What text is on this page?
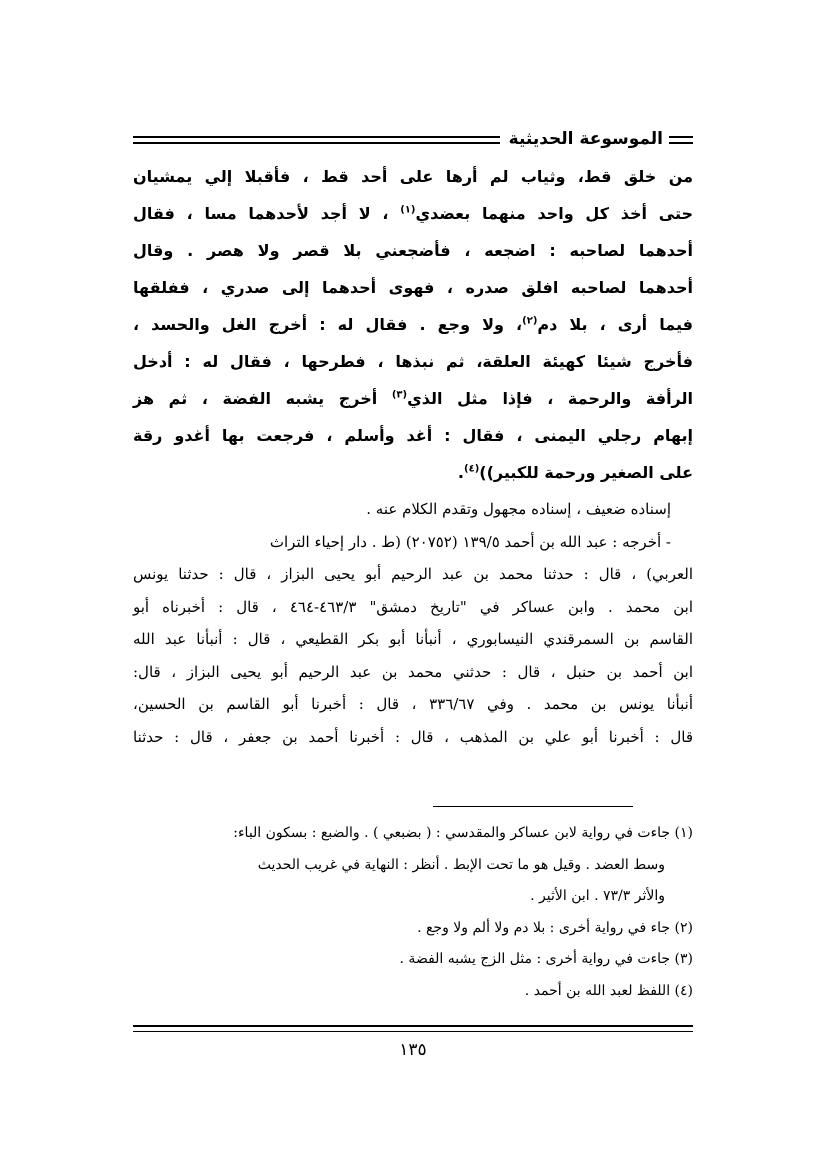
الموسوعة الحديثية
من خلق قط، وثياب لم أرها على أحد قط ، فأقبلا إلي يمشيان
حتى أخذ كل واحد منهما بعضدي$^{(١)}$ ، لا أجد لأحدهما مسا ، فقال
أحدهما لصاحبه : اضجعه ، فأضجعني بلا قصر ولا هصر . وقال
أحدهما لصاحبه افلق صدره ، فهوى أحدهما إلى صدري ، ففلقها
فيما أرى ، بلا دم$^{(٢)}$، ولا وجع . فقال له : أخرج الغل والحسد ،
فأخرج شيئا كهيئة العلقة، ثم نبذها ، فطرحها ، فقال له : أدخل
الرأفة والرحمة ، فإذا مثل الذي$^{(٣)}$ أخرج يشبه الفضة ، ثم هز
إبهام رجلي اليمنى ، فقال : أغد وأسلم ، فرجعت بها أغدو رقة
على الصغير ورحمة للكبير))$^{(٤)}$.
إسناده ضعيف ، إسناده مجهول وتقدم الكلام عنه .
- أخرجه : عبد الله بن أحمد ١٣٩/٥ (٢٠٧٥٢) (ط . دار إحياء التراث
العربي) ، قال : حدثنا محمد بن عبد الرحيم أبو يحيى البزاز ، قال : حدثنا يونس
ابن محمد . وابن عساكر في "تاريخ دمشق" ٤٦٣/٣-٤٦٤ ، قال : أخبرناه أبو
القاسم بن السمرقندي النيسابوري ، أنبأنا أبو بكر القطيعي ، قال : أنبأنا عبد الله
ابن أحمد بن حنبل ، قال : حدثني محمد بن عبد الرحيم أبو يحيى البزاز ، قال:
أنبأنا يونس بن محمد . وفي ٣٣٦/٦٧ ، قال : أخبرنا أبو القاسم بن الحسين،
قال : أخبرنا أبو علي بن المذهب ، قال : أخبرنا أحمد بن جعفر ، قال : حدثنا
(١) جاءت في رواية لابن عساكر والمقدسي : ( بضبعي ) . والضبع : بسكون الباء:
وسط العضد . وقيل هو ما تحت الإبط . أنظر : النهاية في غريب الحديث
والأثر ٧٣/٣ . ابن الأثير .
(٢) جاء في رواية أخرى : بلا دم ولا ألم ولا وجع .
(٣) جاءت في رواية أخرى : مثل الزج يشبه الفضة .
(٤) اللفظ لعبد الله بن أحمد .
١٣٥
